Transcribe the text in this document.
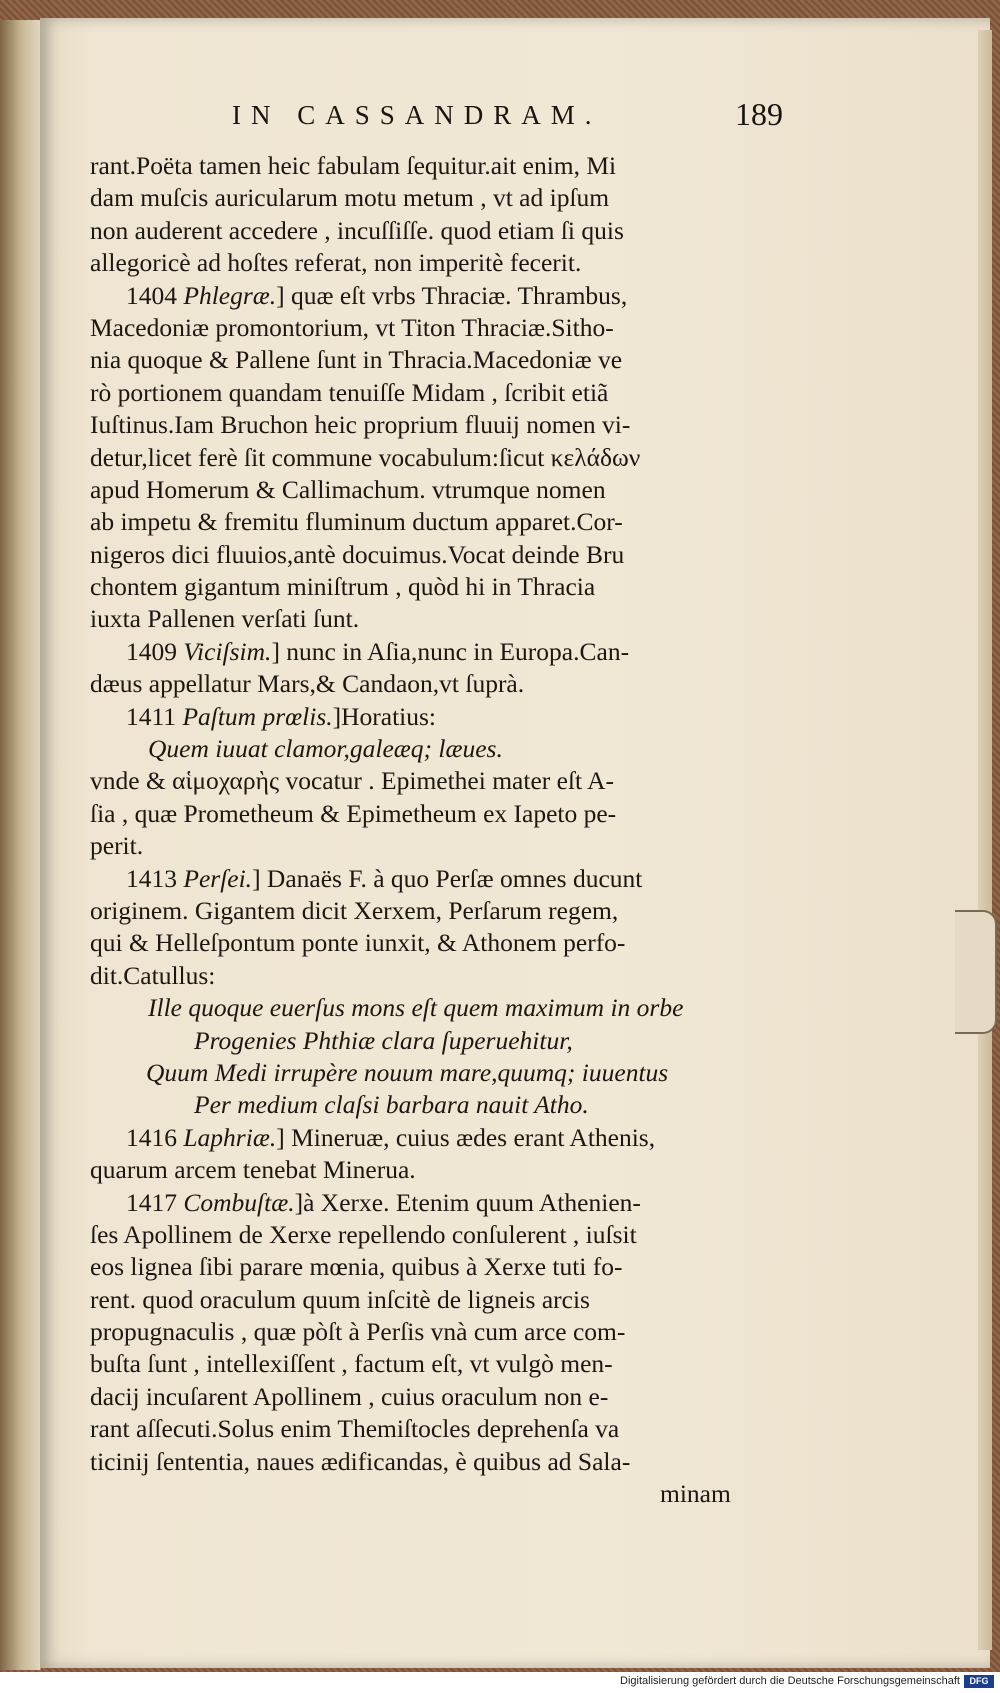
IN CASSANDRAM.	189
rant.Poëta tamen heic fabulam ſequitur.ait enim, Mi
dam muſcis auricularum motu metum , vt ad ipſum
non auderent accedere , incuſſiſſe. quod etiam ſi quis
allegoricè ad hoſtes referat, non imperitè fecerit.
1404 Phlegræ.] quæ eſt vrbs Thraciæ. Thrambus,
Macedoniæ promontorium, vt Titon Thraciæ.Sitho-
nia quoque & Pallene ſunt in Thracia.Macedoniæ ve
rò portionem quandam tenuiſſe Midam , ſcribit etiã
Iuſtinus.Iam Bruchon heic proprium fluuij nomen vi-
detur,licet ferè ſit commune vocabulum:ſicut κελάδων
apud Homerum & Callimachum. vtrumque nomen
ab impetu & fremitu fluminum ductum apparet.Cor-
nigeros dici fluuios,antè docuimus.Vocat deinde Bru
chontem gigantum miniſtrum , quòd hi in Thracia
iuxta Pallenen verſati ſunt.
1409 Viciſsim.] nunc in Aſia,nunc in Europa.Can-
dæus appellatur Mars,& Candaon,vt ſuprà.
1411 Paſtum prœlis.]Horatius:
Quem iuuat clamor,galeæq; læues.
vnde & αἱμοχαρὴς vocatur . Epimethei mater eſt A-
ſia , quæ Prometheum & Epimetheum ex Iapeto pe-
perit.
1413 Perſei.] Danaës F. à quo Perſæ omnes ducunt
originem. Gigantem dicit Xerxem, Perſarum regem,
qui & Helleſpontum ponte iunxit, & Athonem perfo-
dit.Catullus:
Ille quoque euerſus mons eſt quem maximum in orbe
Progenies Phthiæ clara ſuperuehitur,
Quum Medi irrupère nouum mare,quumq; iuuentus
Per medium claſsi barbara nauit Atho.
1416 Laphriæ.] Mineruæ, cuius ædes erant Athenis,
quarum arcem tenebat Minerua.
1417 Combuſtæ.]à Xerxe. Etenim quum Athenien-
ſes Apollinem de Xerxe repellendo conſulerent , iuſsit
eos lignea ſibi parare mœnia, quibus à Xerxe tuti fo-
rent. quod oraculum quum inſcitè de ligneis arcis
propugnaculis , quæ pòſt à Perſis vnà cum arce com-
buſta ſunt , intellexiſſent , factum eſt, vt vulgò men-
dacij incuſarent Apollinem , cuius oraculum non e-
rant aſſecuti.Solus enim Themiſtocles deprehenſa va
ticinij ſententia, naues ædificandas, è quibus ad Sala-
minam
Digitalisierung gefördert durch die Deutsche Forschungsgemeinschaft	DFG
